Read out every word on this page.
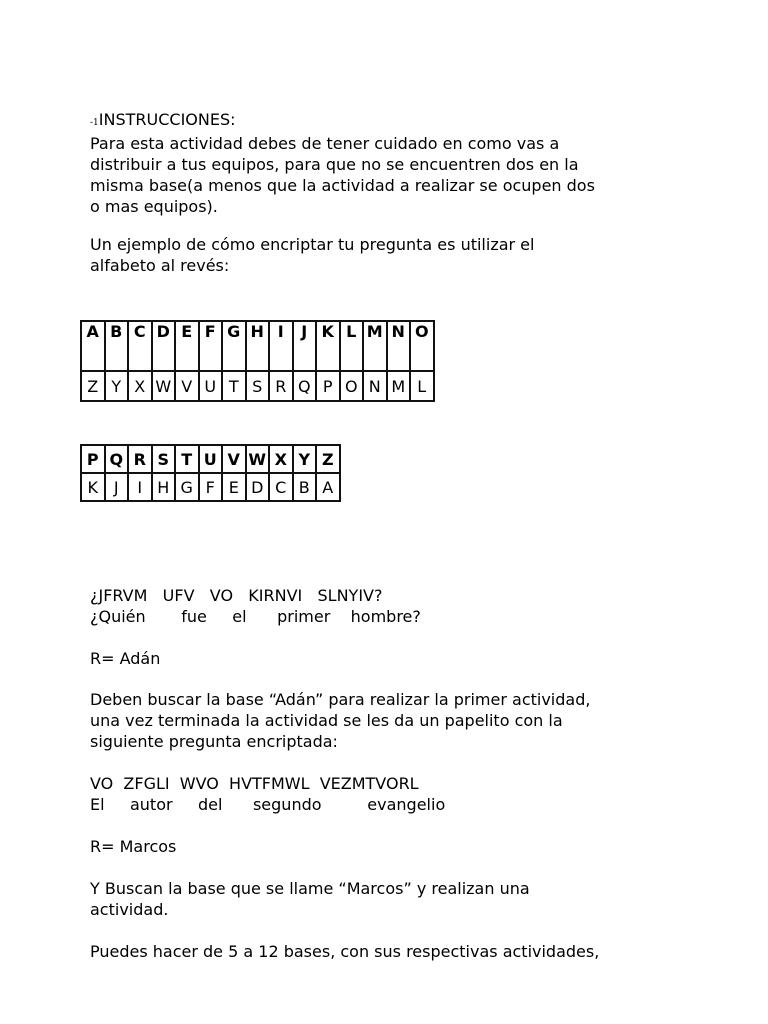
-1INSTRUCCIONES:
Para esta actividad debes de tener cuidado en como vas a
distribuir a tus equipos, para que no se encuentren dos en la
misma base(a menos que la actividad a realizar se ocupen dos
o mas equipos).
Un ejemplo de cómo encriptar tu pregunta es utilizar el
alfabeto al revés:
A	B	C	D	E	F	G	H	I	J	K	L	M	N	O
Z	Y	X	W	V	U	T	S	R	Q	P	O	N	M	L
P	Q	R	S	T	U	V	W	X	Y	Z
K	J	I	H	G	F	E	D	C	B	A
¿JFRVM   UFV   VO   KIRNVI   SLNYIV?
¿Quién       fue     el      primer    hombre?
R= Adán
Deben buscar la base “Adán” para realizar la primer actividad,
una vez terminada la actividad se les da un papelito con la
siguiente pregunta encriptada:
VO  ZFGLI  WVO  HVTFMWL  VEZMTVORL
El     autor     del      segundo         evangelio
R= Marcos
Y Buscan la base que se llame “Marcos” y realizan una
actividad.
Puedes hacer de 5 a 12 bases, con sus respectivas actividades,
